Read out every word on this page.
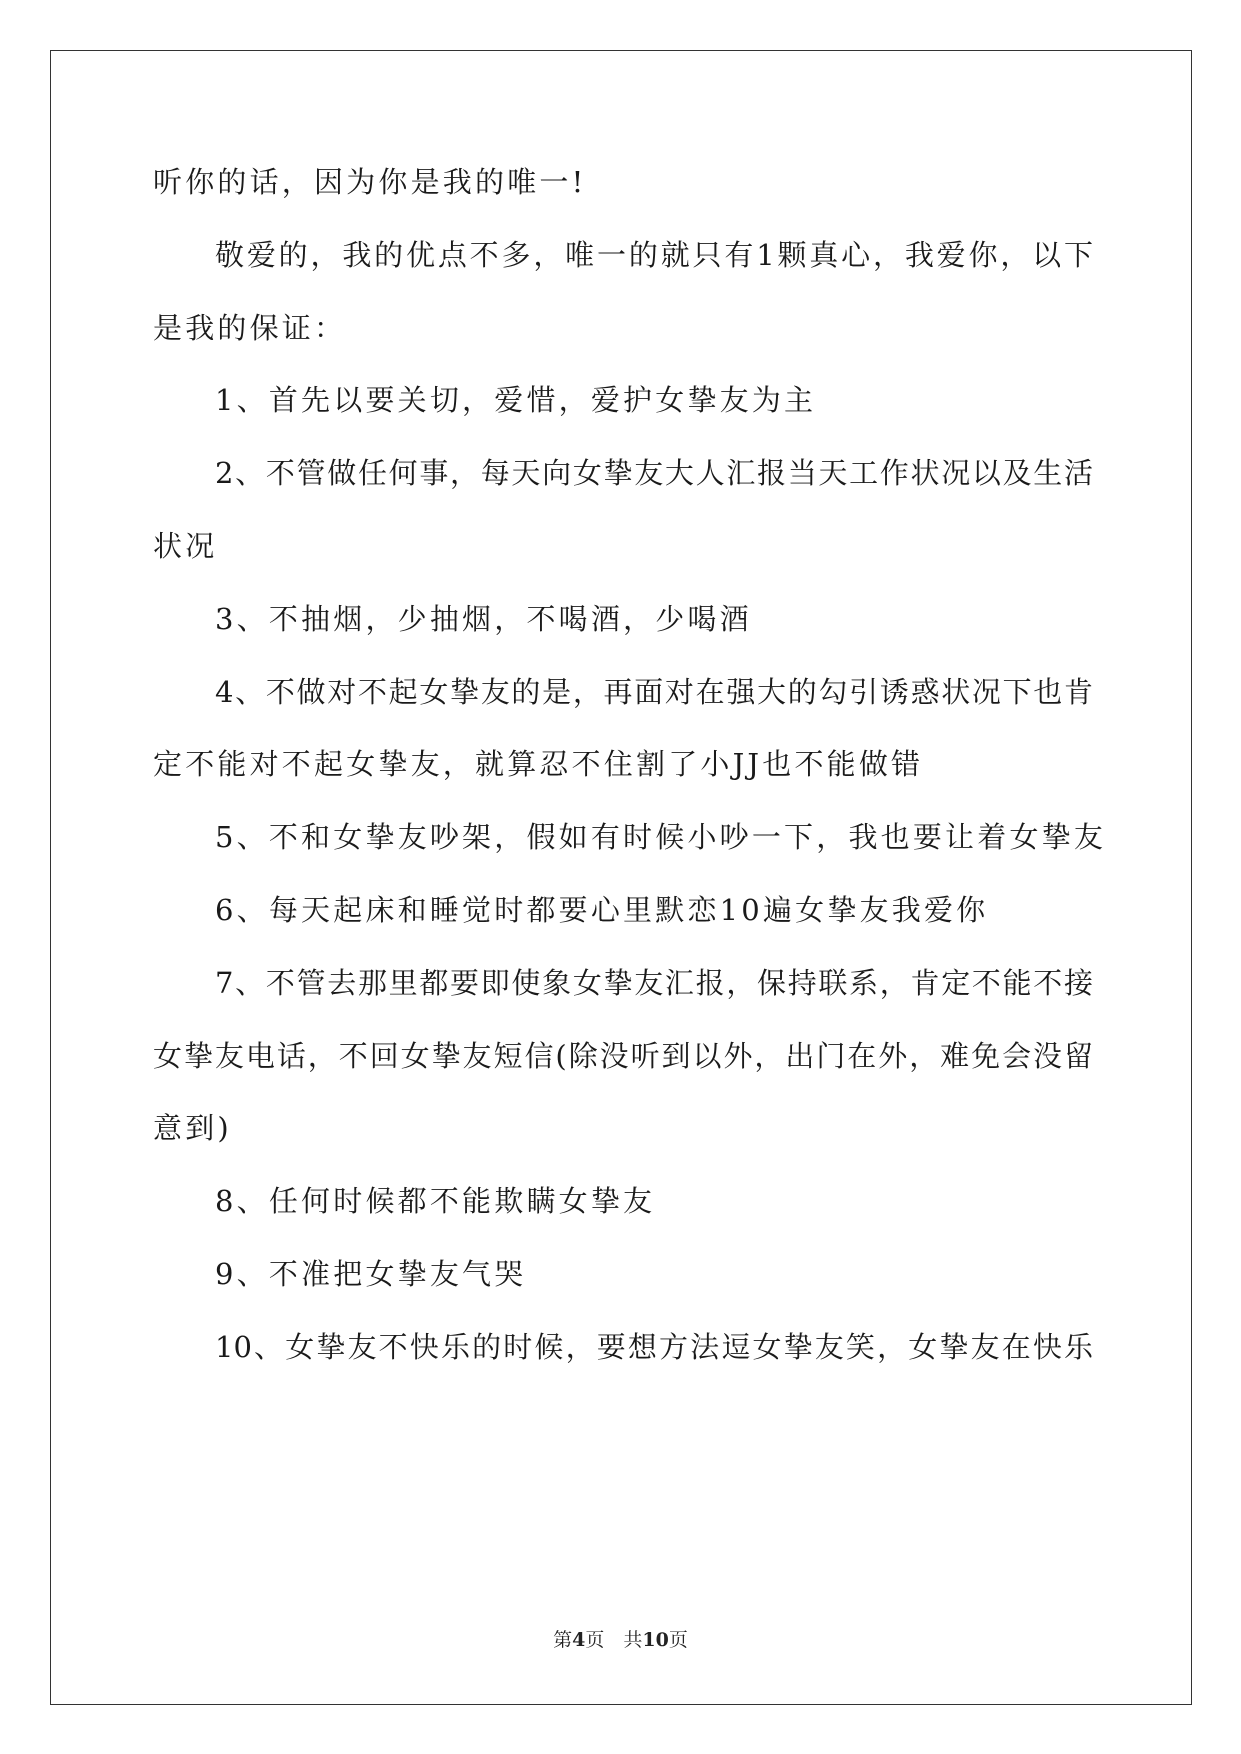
听你的话，因为你是我的唯一!
敬爱的，我的优点不多，唯一的就只有1颗真心，我爱你，以下
是我的保证：
1、首先以要关切，爱惜，爱护女挚友为主
2、不管做任何事，每天向女挚友大人汇报当天工作状况以及生活
状况
3、不抽烟，少抽烟，不喝酒，少喝酒
4、不做对不起女挚友的是，再面对在强大的勾引诱惑状况下也肯
定不能对不起女挚友，就算忍不住割了小JJ也不能做错
5、不和女挚友吵架，假如有时候小吵一下，我也要让着女挚友
6、每天起床和睡觉时都要心里默恋10遍女挚友我爱你
7、不管去那里都要即使象女挚友汇报，保持联系，肯定不能不接
女挚友电话，不回女挚友短信(除没听到以外，出门在外，难免会没留
意到)
8、任何时候都不能欺瞒女挚友
9、不准把女挚友气哭
10、女挚友不快乐的时候，要想方法逗女挚友笑，女挚友在快乐
第4页　共10页
